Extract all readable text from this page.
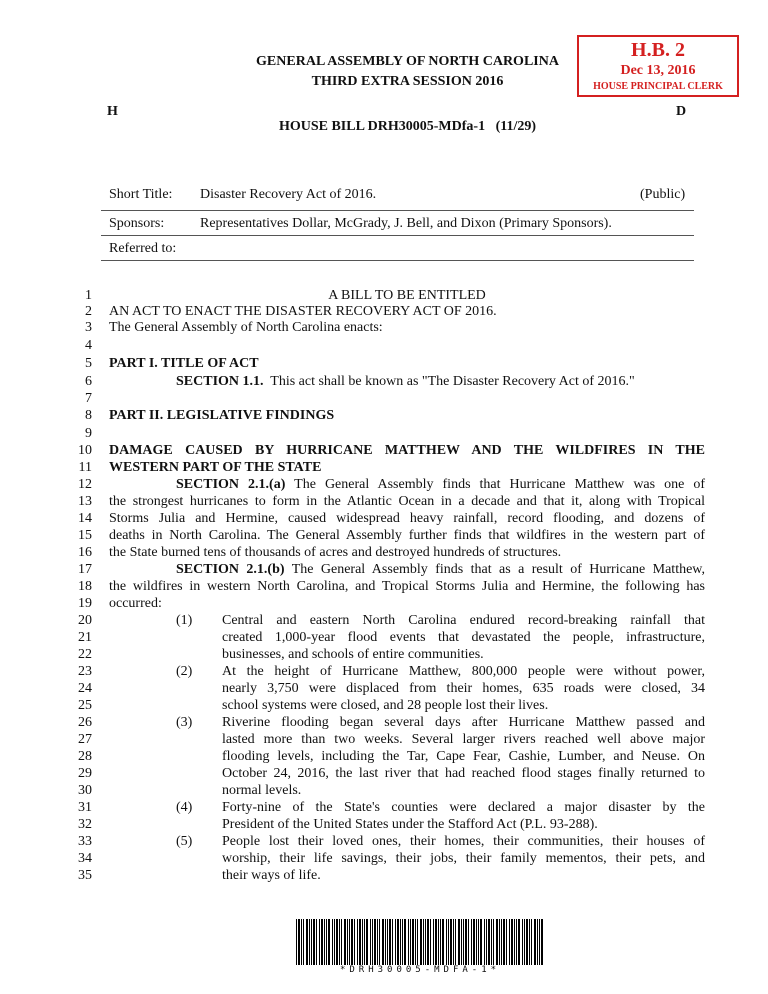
GENERAL ASSEMBLY OF NORTH CAROLINA
THIRD EXTRA SESSION 2016
H	D
HOUSE BILL DRH30005-MDfa-1   (11/29)
H.B. 2
Dec 13, 2016
HOUSE PRINCIPAL CLERK
Short Title: Disaster Recovery Act of 2016.	(Public)
Sponsors:	Representatives Dollar, McGrady, J. Bell, and Dixon (Primary Sponsors).
Referred to:
1
2
3
4
5
6
7
8
9
10
11
12
13
14
15
16
17
18
19
20
21
22
23
24
25
26
27
28
29
30
31
32
33
34
35
A BILL TO BE ENTITLED
AN ACT TO ENACT THE DISASTER RECOVERY ACT OF 2016.
The General Assembly of North Carolina enacts:
PART I. TITLE OF ACT
SECTION 1.1. This act shall be known as "The Disaster Recovery Act of 2016."
PART II. LEGISLATIVE FINDINGS
DAMAGE CAUSED BY HURRICANE MATTHEW AND THE WILDFIRES IN THE
WESTERN PART OF THE STATE
SECTION 2.1.(a) The General Assembly finds that Hurricane Matthew was one of
the strongest hurricanes to form in the Atlantic Ocean in a decade and that it, along with Tropical
Storms Julia and Hermine, caused widespread heavy rainfall, record flooding, and dozens of
deaths in North Carolina. The General Assembly further finds that wildfires in the western part of
the State burned tens of thousands of acres and destroyed hundreds of structures.
SECTION 2.1.(b) The General Assembly finds that as a result of Hurricane Matthew,
the wildfires in western North Carolina, and Tropical Storms Julia and Hermine, the following has
occurred:
(1)	Central and eastern North Carolina endured record-breaking rainfall that
created 1,000-year flood events that devastated the people, infrastructure,
businesses, and schools of entire communities.
(2)	At the height of Hurricane Matthew, 800,000 people were without power,
nearly 3,750 were displaced from their homes, 635 roads were closed, 34
school systems were closed, and 28 people lost their lives.
(3)	Riverine flooding began several days after Hurricane Matthew passed and
lasted more than two weeks. Several larger rivers reached well above major
flooding levels, including the Tar, Cape Fear, Cashie, Lumber, and Neuse. On
October 24, 2016, the last river that had reached flood stages finally returned to
normal levels.
(4)	Forty-nine of the State's counties were declared a major disaster by the
President of the United States under the Stafford Act (P.L. 93-288).
(5)	People lost their loved ones, their homes, their communities, their houses of
worship, their life savings, their jobs, their family mementos, their pets, and
their ways of life.
*DRH30005-MDFA-1*
